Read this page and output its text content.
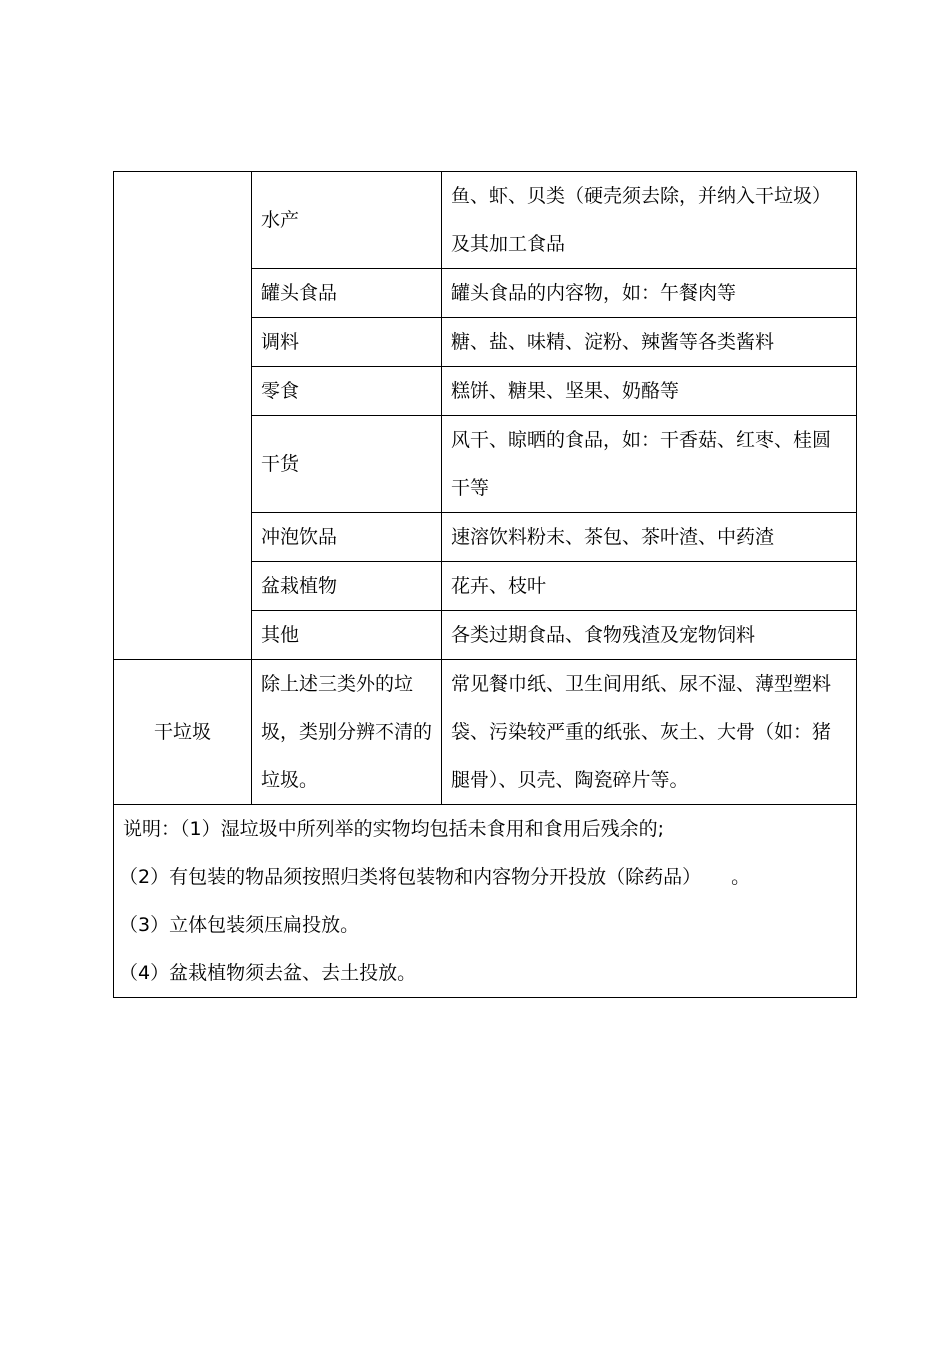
	水产	鱼、虾、贝类（硬壳须去除，并纳入干垃圾）及其加工食品
	罐头食品	罐头食品的内容物，如：午餐肉等
	调料	糖、盐、味精、淀粉、辣酱等各类酱料
	零食	糕饼、糖果、坚果、奶酪等
	干货	风干、晾晒的食品，如：干香菇、红枣、桂圆干等
	冲泡饮品	速溶饮料粉末、茶包、茶叶渣、中药渣
	盆栽植物	花卉、枝叶
	其他	各类过期食品、食物残渣及宠物饲料
干垃圾	除上述三类外的垃圾，类别分辨不清的垃圾。	常见餐巾纸、卫生间用纸、尿不湿、薄型塑料袋、污染较严重的纸张、灰土、大骨（如：猪腿骨）、贝壳、陶瓷碎片等。

说明：（1）湿垃圾中所列举的实物均包括未食用和食用后残余的;
（2）有包装的物品须按照归类将包装物和内容物分开投放（除药品） 。
（3）立体包装须压扁投放。
（4）盆栽植物须去盆、去土投放。		
